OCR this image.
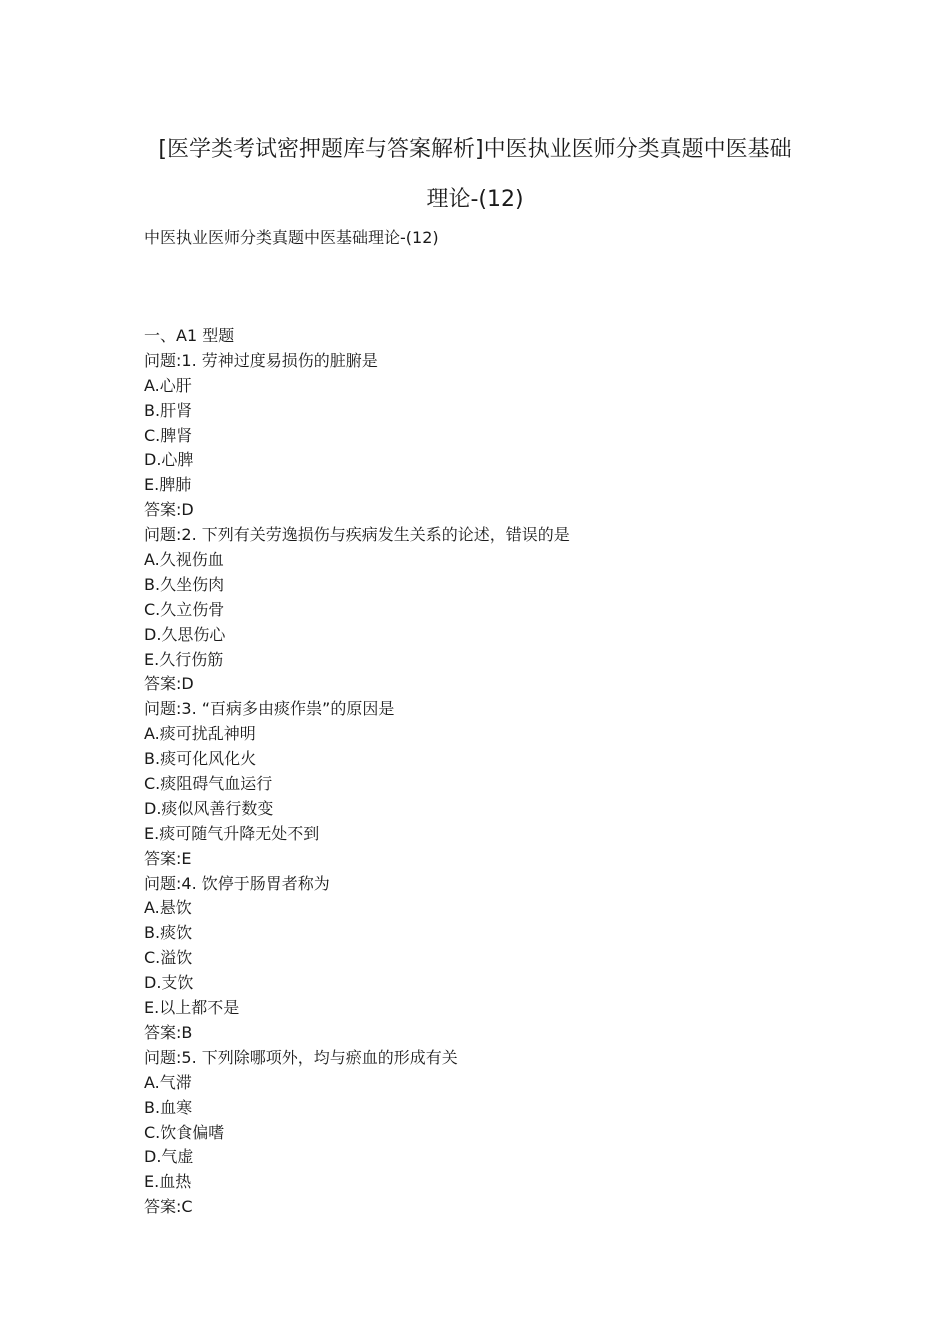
[医学类考试密押题库与答案解析]中医执业医师分类真题中医基础
理论-(12)
中医执业医师分类真题中医基础理论-(12)
一、A1 型题
问题:1. 劳神过度易损伤的脏腑是
A.心肝
B.肝肾
C.脾肾
D.心脾
E.脾肺
答案:D
问题:2. 下列有关劳逸损伤与疾病发生关系的论述，错误的是
A.久视伤血
B.久坐伤肉
C.久立伤骨
D.久思伤心
E.久行伤筋
答案:D
问题:3. “百病多由痰作祟”的原因是
A.痰可扰乱神明
B.痰可化风化火
C.痰阻碍气血运行
D.痰似风善行数变
E.痰可随气升降无处不到
答案:E
问题:4. 饮停于肠胃者称为
A.悬饮
B.痰饮
C.溢饮
D.支饮
E.以上都不是
答案:B
问题:5. 下列除哪项外，均与瘀血的形成有关
A.气滞
B.血寒
C.饮食偏嗜
D.气虚
E.血热
答案:C
